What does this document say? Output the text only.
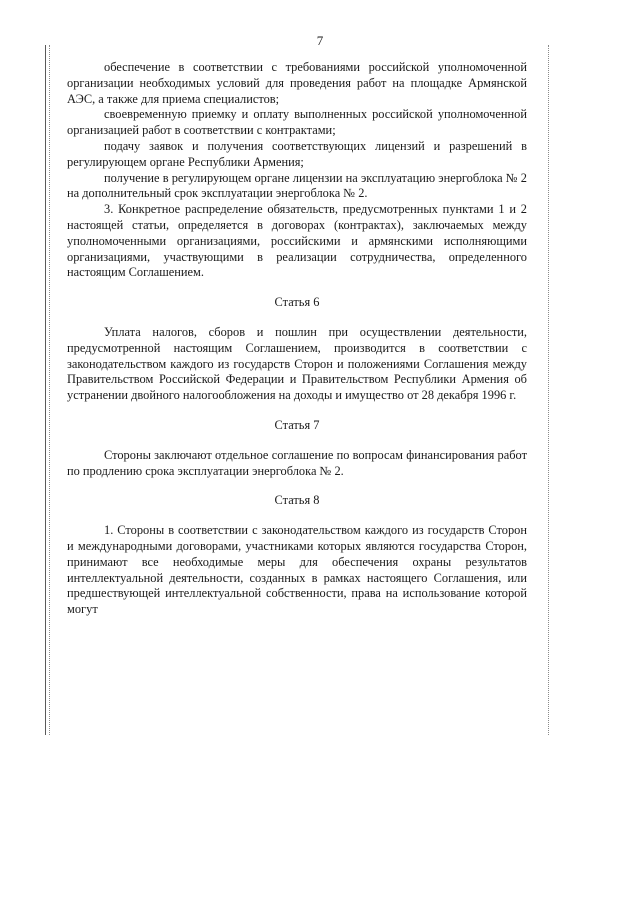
7

обеспечение в соответствии с требованиями российской уполномоченной организации необходимых условий для проведения работ на площадке Армянской АЭС, а также для приема специалистов;

своевременную приемку и оплату выполненных российской уполномоченной организацией работ в соответствии с контрактами;

подачу заявок и получения соответствующих лицензий и разрешений в регулирующем органе Республики Армения;

получение в регулирующем органе лицензии на эксплуатацию энергоблока № 2 на дополнительный срок эксплуатации энергоблока № 2.

3. Конкретное распределение обязательств, предусмотренных пунктами 1 и 2 настоящей статьи, определяется в договорах (контрактах), заключаемых между уполномоченными организациями, российскими и армянскими исполняющими организациями, участвующими в реализации сотрудничества, определенного настоящим Соглашением.

Статья 6

Уплата налогов, сборов и пошлин при осуществлении деятельности, предусмотренной настоящим Соглашением, производится в соответствии с законодательством каждого из государств Сторон и положениями Соглашения между Правительством Российской Федерации и Правительством Республики Армения об устранении двойного налогообложения на доходы и имущество от 28 декабря 1996 г.

Статья 7

Стороны заключают отдельное соглашение по вопросам финансирования работ по продлению срока эксплуатации энергоблока № 2.

Статья 8

1. Стороны в соответствии с законодательством каждого из государств Сторон и международными договорами, участниками которых являются государства Сторон, принимают все необходимые меры для обеспечения охраны результатов интеллектуальной деятельности, созданных в рамках настоящего Соглашения, или предшествующей интеллектуальной собственности, права на использование которой могут
